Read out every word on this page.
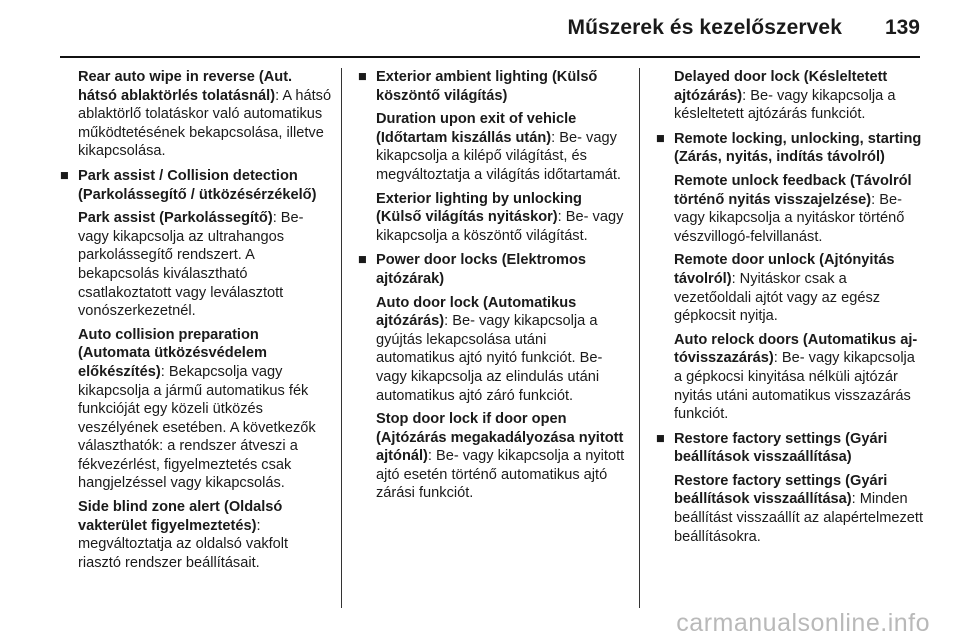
Műszerek és kezelőszervek 139
Rear auto wipe in reverse (Aut. hátsó ablaktörlés tolatásnál): A hátsó ablaktörlő tolatáskor való automatikus működtetésének bekapcsolása, illetve kikapcsolása.
■ Park assist / Collision detection (Parkolássegítő / ütközésérzékelő)
Park assist (Parkolássegítő): Be- vagy kikapcsolja az ultrahangos parkolássegítő rendszert. A bekapcsolás kiválasztható csatlakoztatott vagy leválasztott vonószerkezetnél.
Auto collision preparation (Automata ütközésvédelem előkészítés): Bekapcsolja vagy kikapcsolja a jármű automatikus fék funkcióját egy közeli ütközés veszélyének esetében. A következők választhatók: a rendszer átveszi a fékvezérlést, figyelmeztetés csak hangjelzéssel vagy kikapcsolás.
Side blind zone alert (Oldalsó vakterület figyelmeztetés): megváltoztatja az oldalsó vakfolt riasztó rendszer beállításait.
■ Exterior ambient lighting (Külső köszöntő világítás)
Duration upon exit of vehicle (Időtartam kiszállás után): Be- vagy kikapcsolja a kilépő világítást, és megváltoztatja a világítás időtartamát.
Exterior lighting by unlocking (Külső világítás nyitáskor): Be- vagy kikapcsolja a köszöntő világítást.
■ Power door locks (Elektromos ajtózárak)
Auto door lock (Automatikus ajtózárás): Be- vagy kikapcsolja a gyújtás lekapcsolása utáni automatikus ajtó nyitó funkciót. Be- vagy kikapcsolja az elindulás utáni automatikus ajtó záró funkciót.
Stop door lock if door open (Ajtózárás megakadályozása nyitott ajtónál): Be- vagy kikapcsolja a nyitott ajtó esetén történő automatikus ajtó zárási funkciót.
Delayed door lock (Késleltetett ajtózárás): Be- vagy kikapcsolja a késleltetett ajtózárás funkciót.
■ Remote locking, unlocking, starting (Zárás, nyitás, indítás távolról)
Remote unlock feedback (Távolról történő nyitás visszajelzése): Be- vagy kikapcsolja a nyitáskor történő vészvillogó-felvillanást.
Remote door unlock (Ajtónyitás távolról): Nyitáskor csak a vezetőoldali ajtót vagy az egész gépkocsit nyitja.
Auto relock doors (Automatikus aj- tóvisszazárás): Be- vagy kikapcsolja a gépkocsi kinyitása nélküli ajtózár nyitás utáni automatikus visszazárás funkciót.
■ Restore factory settings (Gyári beállítások visszaállítása)
Restore factory settings (Gyári beállítások visszaállítása): Minden beállítást visszaállít az alapértelmezett beállításokra.
carmanualsonline.info
